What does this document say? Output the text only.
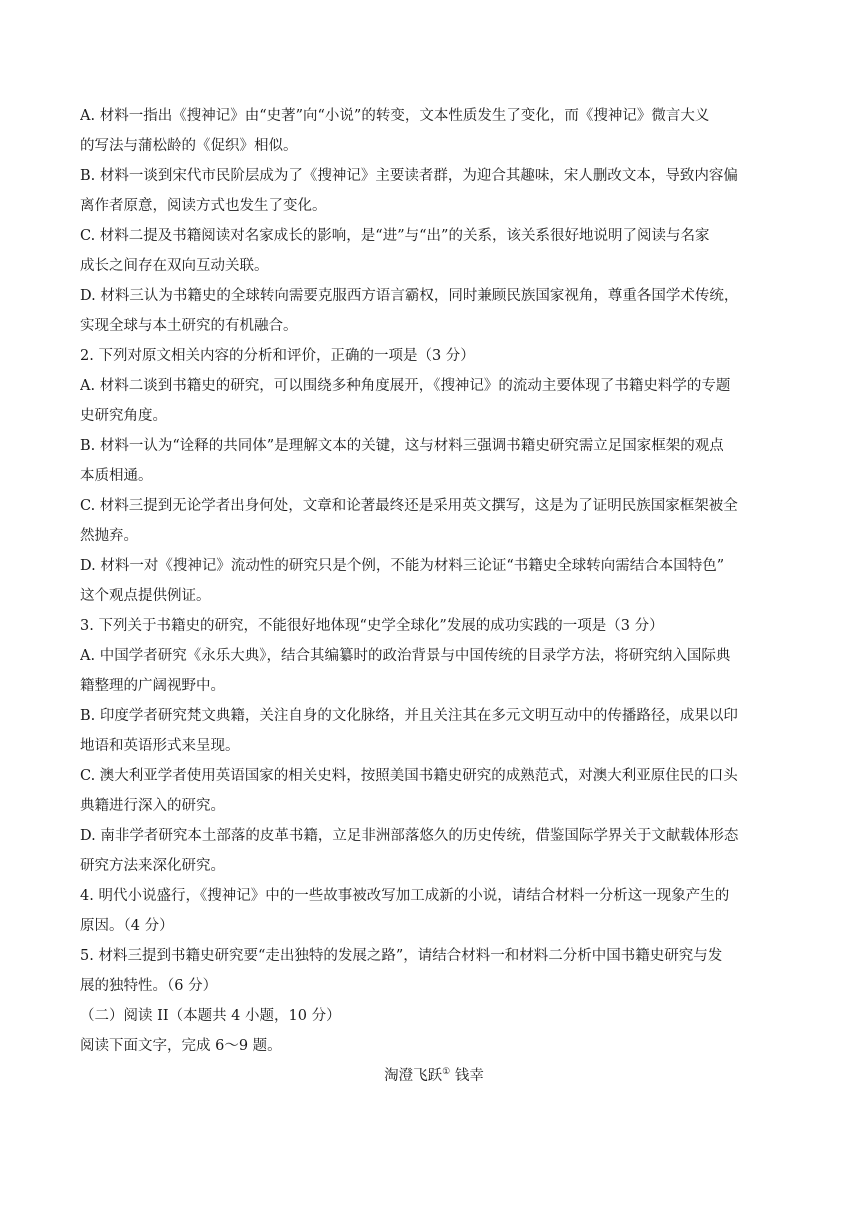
A. 材料一指出《搜神记》由“史著”向“小说”的转变，文本性质发生了变化，而《搜神记》微言大义
的写法与蒲松龄的《促织》相似。
B. 材料一谈到宋代市民阶层成为了《搜神记》主要读者群，为迎合其趣味，宋人删改文本，导致内容偏
离作者原意，阅读方式也发生了变化。
C. 材料二提及书籍阅读对名家成长的影响，是“进”与“出”的关系，该关系很好地说明了阅读与名家
成长之间存在双向互动关联。
D. 材料三认为书籍史的全球转向需要克服西方语言霸权，同时兼顾民族国家视角，尊重各国学术传统，
实现全球与本土研究的有机融合。
2. 下列对原文相关内容的分析和评价，正确的一项是（3 分）
A. 材料二谈到书籍史的研究，可以围绕多种角度展开，《搜神记》的流动主要体现了书籍史料学的专题
史研究角度。
B. 材料一认为“诠释的共同体”是理解文本的关键，这与材料三强调书籍史研究需立足国家框架的观点
本质相通。
C. 材料三提到无论学者出身何处，文章和论著最终还是采用英文撰写，这是为了证明民族国家框架被全
然抛弃。
D. 材料一对《搜神记》流动性的研究只是个例，不能为材料三论证“书籍史全球转向需结合本国特色”
这个观点提供例证。
3. 下列关于书籍史的研究，不能很好地体现“史学全球化”发展的成功实践的一项是（3 分）
A. 中国学者研究《永乐大典》，结合其编纂时的政治背景与中国传统的目录学方法，将研究纳入国际典
籍整理的广阔视野中。
B. 印度学者研究梵文典籍，关注自身的文化脉络，并且关注其在多元文明互动中的传播路径，成果以印
地语和英语形式来呈现。
C. 澳大利亚学者使用英语国家的相关史料，按照美国书籍史研究的成熟范式，对澳大利亚原住民的口头
典籍进行深入的研究。
D. 南非学者研究本土部落的皮革书籍，立足非洲部落悠久的历史传统，借鉴国际学界关于文献载体形态
研究方法来深化研究。
4. 明代小说盛行，《搜神记》中的一些故事被改写加工成新的小说，请结合材料一分析这一现象产生的
原因。（4 分）
5. 材料三提到书籍史研究要“走出独特的发展之路”，请结合材料一和材料二分析中国书籍史研究与发
展的独特性。（6 分）
（二）阅读 II（本题共 4 小题，10 分）
阅读下面文字，完成 6～9 题。
淘澄飞跃① 钱幸
